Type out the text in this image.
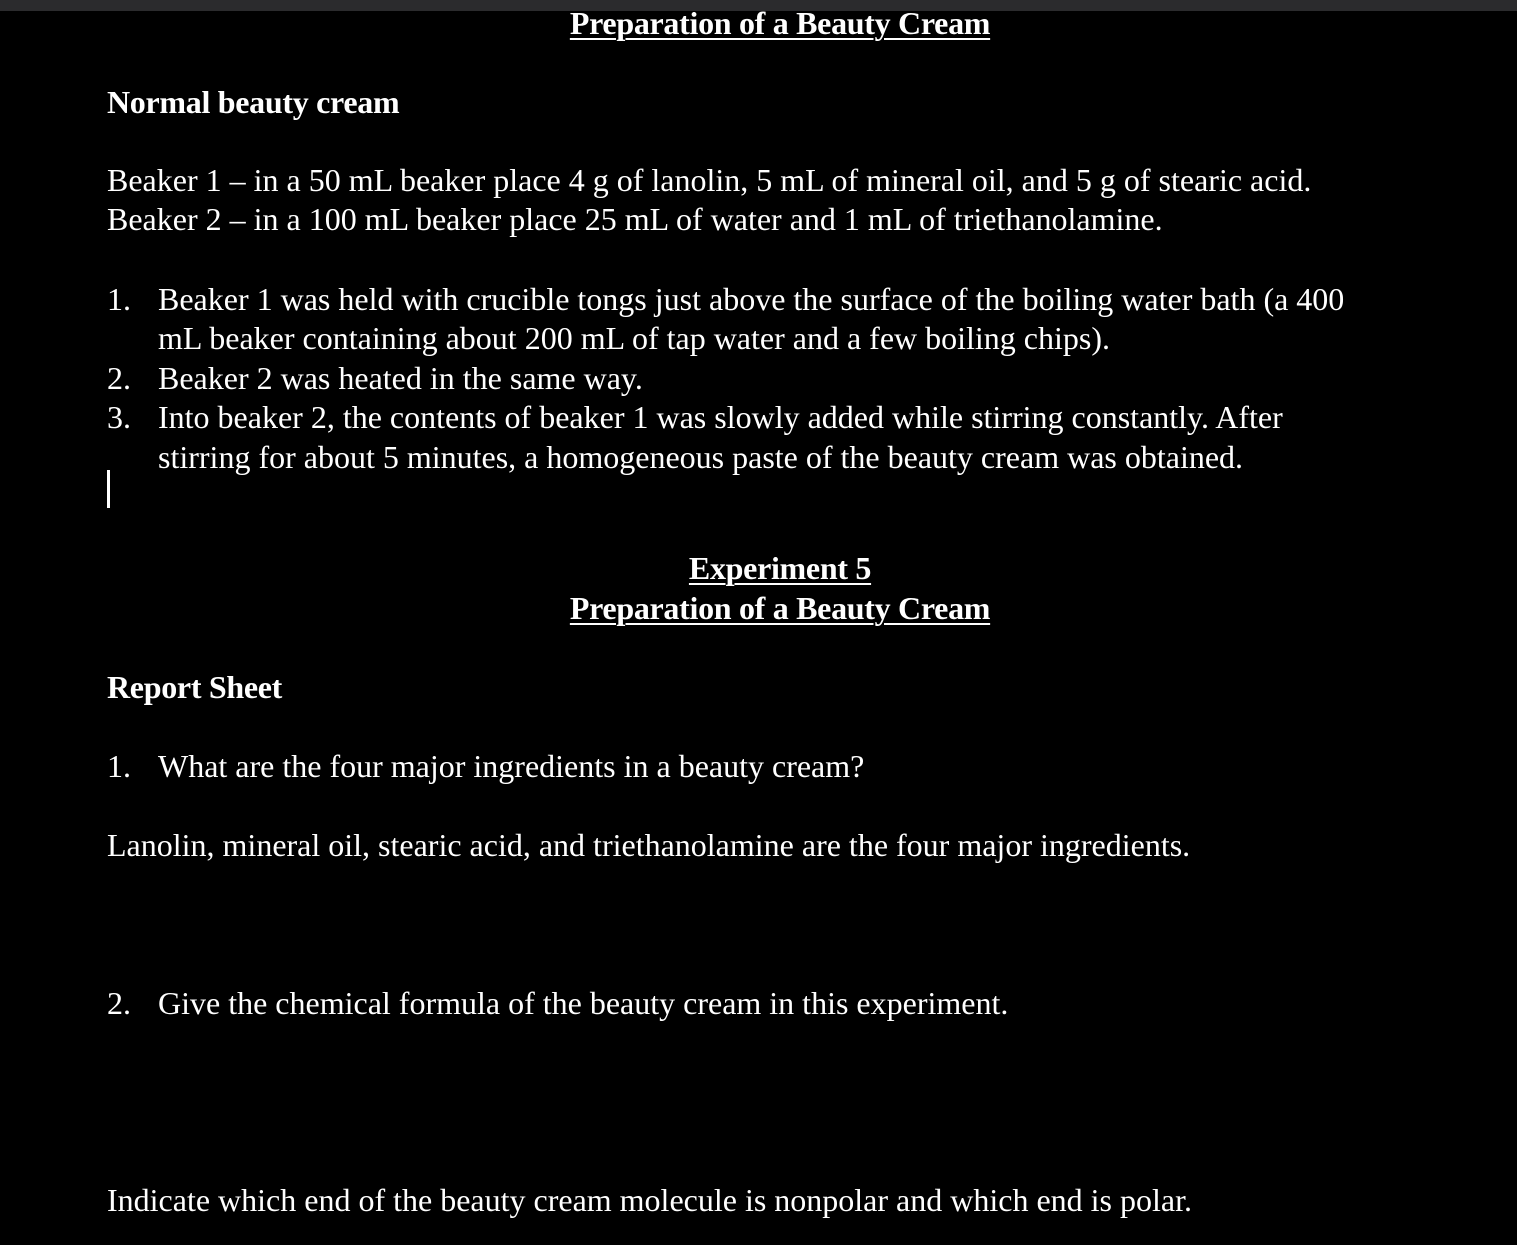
Preparation of a Beauty Cream
Normal beauty cream
Beaker 1 – in a 50 mL beaker place 4 g of lanolin, 5 mL of mineral oil, and 5 g of stearic acid.
Beaker 2 – in a 100 mL beaker place 25 mL of water and 1 mL of triethanolamine.
1. Beaker 1 was held with crucible tongs just above the surface of the boiling water bath (a 400
mL beaker containing about 200 mL of tap water and a few boiling chips).
2. Beaker 2 was heated in the same way.
3. Into beaker 2, the contents of beaker 1 was slowly added while stirring constantly. After
stirring for about 5 minutes, a homogeneous paste of the beauty cream was obtained.
Experiment 5
Preparation of a Beauty Cream
Report Sheet
1. What are the four major ingredients in a beauty cream?
Lanolin, mineral oil, stearic acid, and triethanolamine are the four major ingredients.
2. Give the chemical formula of the beauty cream in this experiment.
Indicate which end of the beauty cream molecule is nonpolar and which end is polar.
